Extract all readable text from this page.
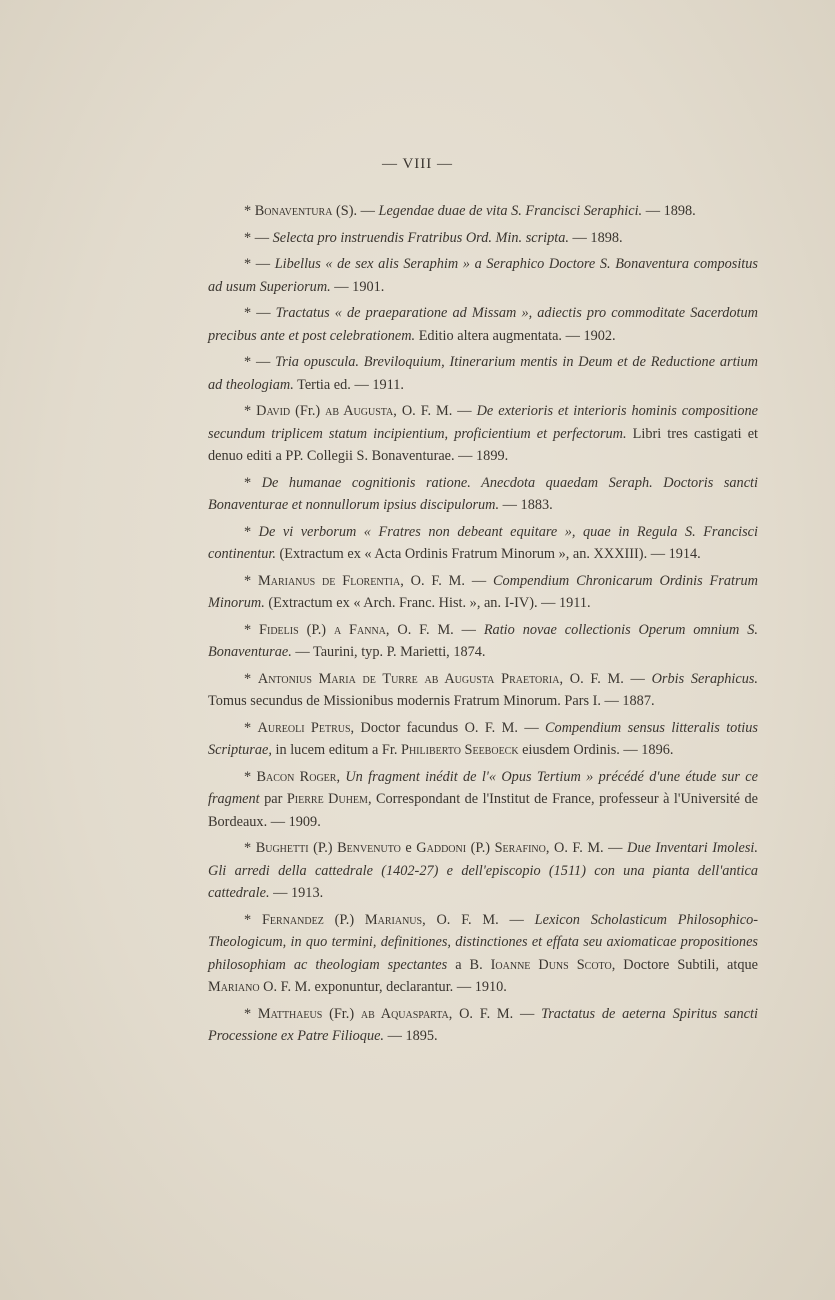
— VIII —

* Bonaventura (S). — Legendae duae de vita S. Francisci Seraphici. — 1898.

* — Selecta pro instruendis Fratribus Ord. Min. scripta. — 1898.

* — Libellus « de sex alis Seraphim » a Seraphico Doctore S. Bonaventura compositus ad usum Superiorum. — 1901.

* — Tractatus « de praeparatione ad Missam », adiectis pro commoditate Sacerdotum precibus ante et post celebrationem. Editio altera augmentata. — 1902.

* — Tria opuscula. Breviloquium, Itinerarium mentis in Deum et de Reductione artium ad theologiam. Tertia ed. — 1911.

* David (Fr.) ab Augusta, O. F. M. — De exterioris et interioris hominis compositione secundum triplicem statum incipientium, proficientium et perfectorum. Libri tres castigati et denuo editi a PP. Collegii S. Bonaventurae. — 1899.

* De humanae cognitionis ratione. Anecdota quaedam Seraph. Doctoris sancti Bonaventurae et nonnullorum ipsius discipulorum. — 1883.

* De vi verborum « Fratres non debeant equitare », quae in Regula S. Francisci continentur. (Extractum ex « Acta Ordinis Fratrum Minorum », an. XXXIII). — 1914.

* Marianus de Florentia, O. F. M. — Compendium Chronicarum Ordinis Fratrum Minorum. (Extractum ex « Arch. Franc. Hist. », an. I-IV). — 1911.

* Fidelis (P.) a Fanna, O. F. M. — Ratio novae collectionis Operum omnium S. Bonaventurae. — Taurini, typ. P. Marietti, 1874.

* Antonius Maria de Turre ab Augusta Praetoria, O. F. M. — Orbis Seraphicus. Tomus secundus de Missionibus modernis Fratrum Minorum. Pars I. — 1887.

* Aureoli Petrus, Doctor facundus O. F. M. — Compendium sensus litteralis totius Scripturae, in lucem editum a Fr. Philiberto Seeboeck eiusdem Ordinis. — 1896.

* Bacon Roger, Un fragment inédit de l'« Opus Tertium » précédé d'une étude sur ce fragment par Pierre Duhem, Correspondant de l'Institut de France, professeur à l'Université de Bordeaux. — 1909.

* Bughetti (P.) Benvenuto e Gaddoni (P.) Serafino, O. F. M. — Due Inventari Imolesi. Gli arredi della cattedrale (1402-27) e dell'episcopio (1511) con una pianta dell'antica cattedrale. — 1913.

* Fernandez (P.) Marianus, O. F. M. — Lexicon Scholasticum Philosophico-Theologicum, in quo termini, definitiones, distinctiones et effata seu axiomaticae propositiones philosophiam ac theologiam spectantes a B. Ioanne Duns Scoto, Doctore Subtili, atque Mariano O. F. M. exponuntur, declarantur. — 1910.

* Matthaeus (Fr.) ab Aquasparta, O. F. M. — Tractatus de aeterna Spiritus sancti Processione ex Patre Filioque. — 1895.
